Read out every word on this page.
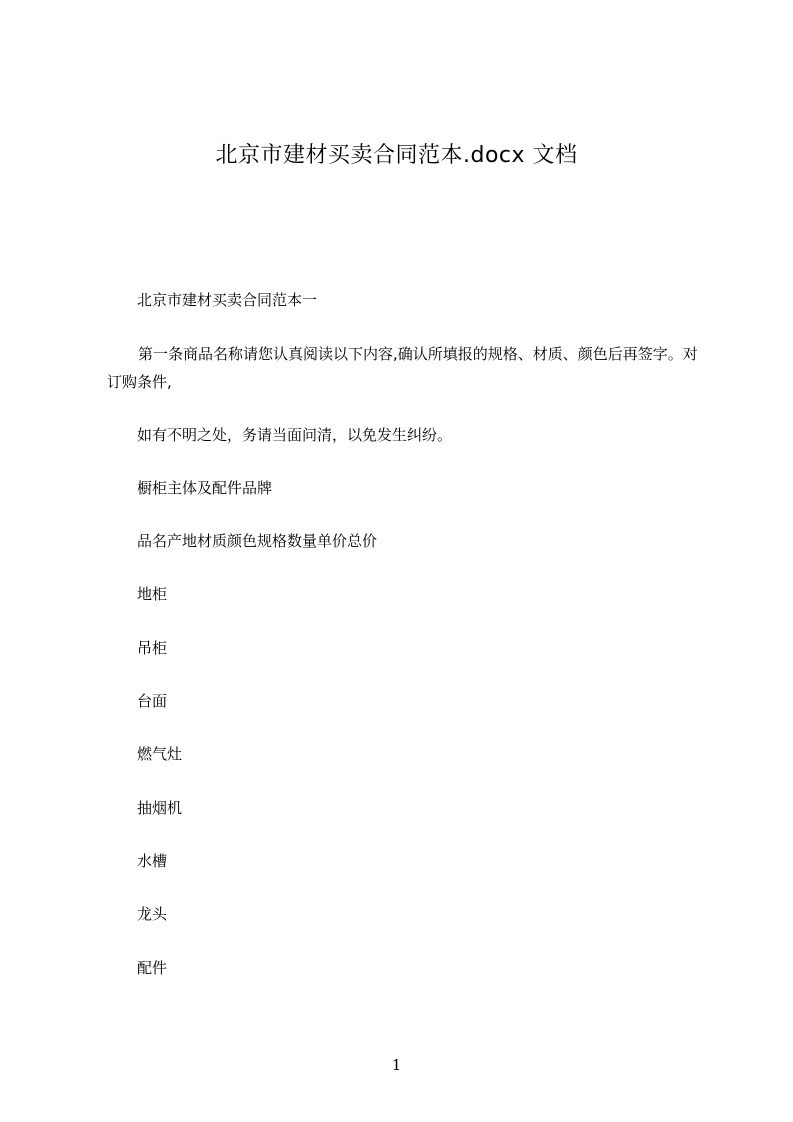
北京市建材买卖合同范本.docx 文档
北京市建材买卖合同范本一
第一条商品名称请您认真阅读以下内容,确认所填报的规格、材质、颜色后再签字。对订购条件,
如有不明之处，务请当面问清，以免发生纠纷。
橱柜主体及配件品牌
品名产地材质颜色规格数量单价总价
地柜
吊柜
台面
燃气灶
抽烟机
水槽
龙头
配件
1
